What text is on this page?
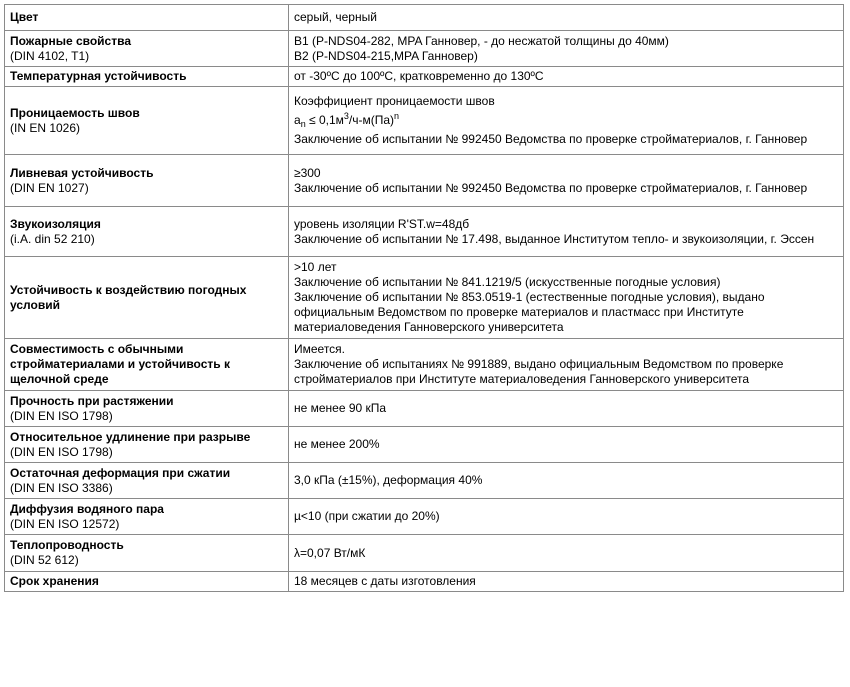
Цвет	серый, черный

Пожарные свойства
(DIN 4102, T1)	B1 (P-NDS04-282, MPA Ганновер, - до несжатой толщины до 40мм)
B2 (P-NDS04-215,MPA Ганновер)

Температурная устойчивость	от -30ºC до 100ºC, кратковременно до 130ºC

Проницаемость швов
(IN EN 1026)	Коэффициент проницаемости швов
$a_n \le 0,1м^3/ч-м(Па)^n$
Заключение об испытании № 992450 Ведомства по проверке стройматериалов, г. Ганновер

Ливневая устойчивость
(DIN EN 1027)	≥300
Заключение об испытании № 992450 Ведомства по проверке стройматериалов, г. Ганновер

Звукоизоляция
(i.A. din 52 210)	уровень изоляции R'ST.w=48дб
Заключение об испытании № 17.498, выданное Институтом тепло- и звукоизоляции, г. Эссен

Устойчивость к воздействию погодных условий	>10 лет
Заключение об испытании № 841.1219/5 (искусственные погодные условия)
Заключение об испытании № 853.0519-1 (естественные погодные условия), выдано официальным Ведомством по проверке материалов и пластмасс при Институте материаловедения Ганноверского университета

Совместимость с обычными стройматериалами и устойчивость к щелочной среде	Имеется.
Заключение об испытаниях № 991889, выдано официальным Ведомством по проверке стройматериалов при Институте материаловедения Ганноверского университета

Прочность при растяжении
(DIN EN ISO 1798)	не менее 90 кПа

Относительное удлинение при разрыве
(DIN EN ISO 1798)	не менее 200%

Остаточная деформация при сжатии
(DIN EN ISO 3386)	3,0 кПа (±15%), деформация 40%

Диффузия водяного пара
(DIN EN ISO 12572)	µ<10 (при сжатии до 20%)

Теплопроводность
(DIN 52 612)	λ=0,07 Вт/мК

Срок хранения	18 месяцев с даты изготовления
